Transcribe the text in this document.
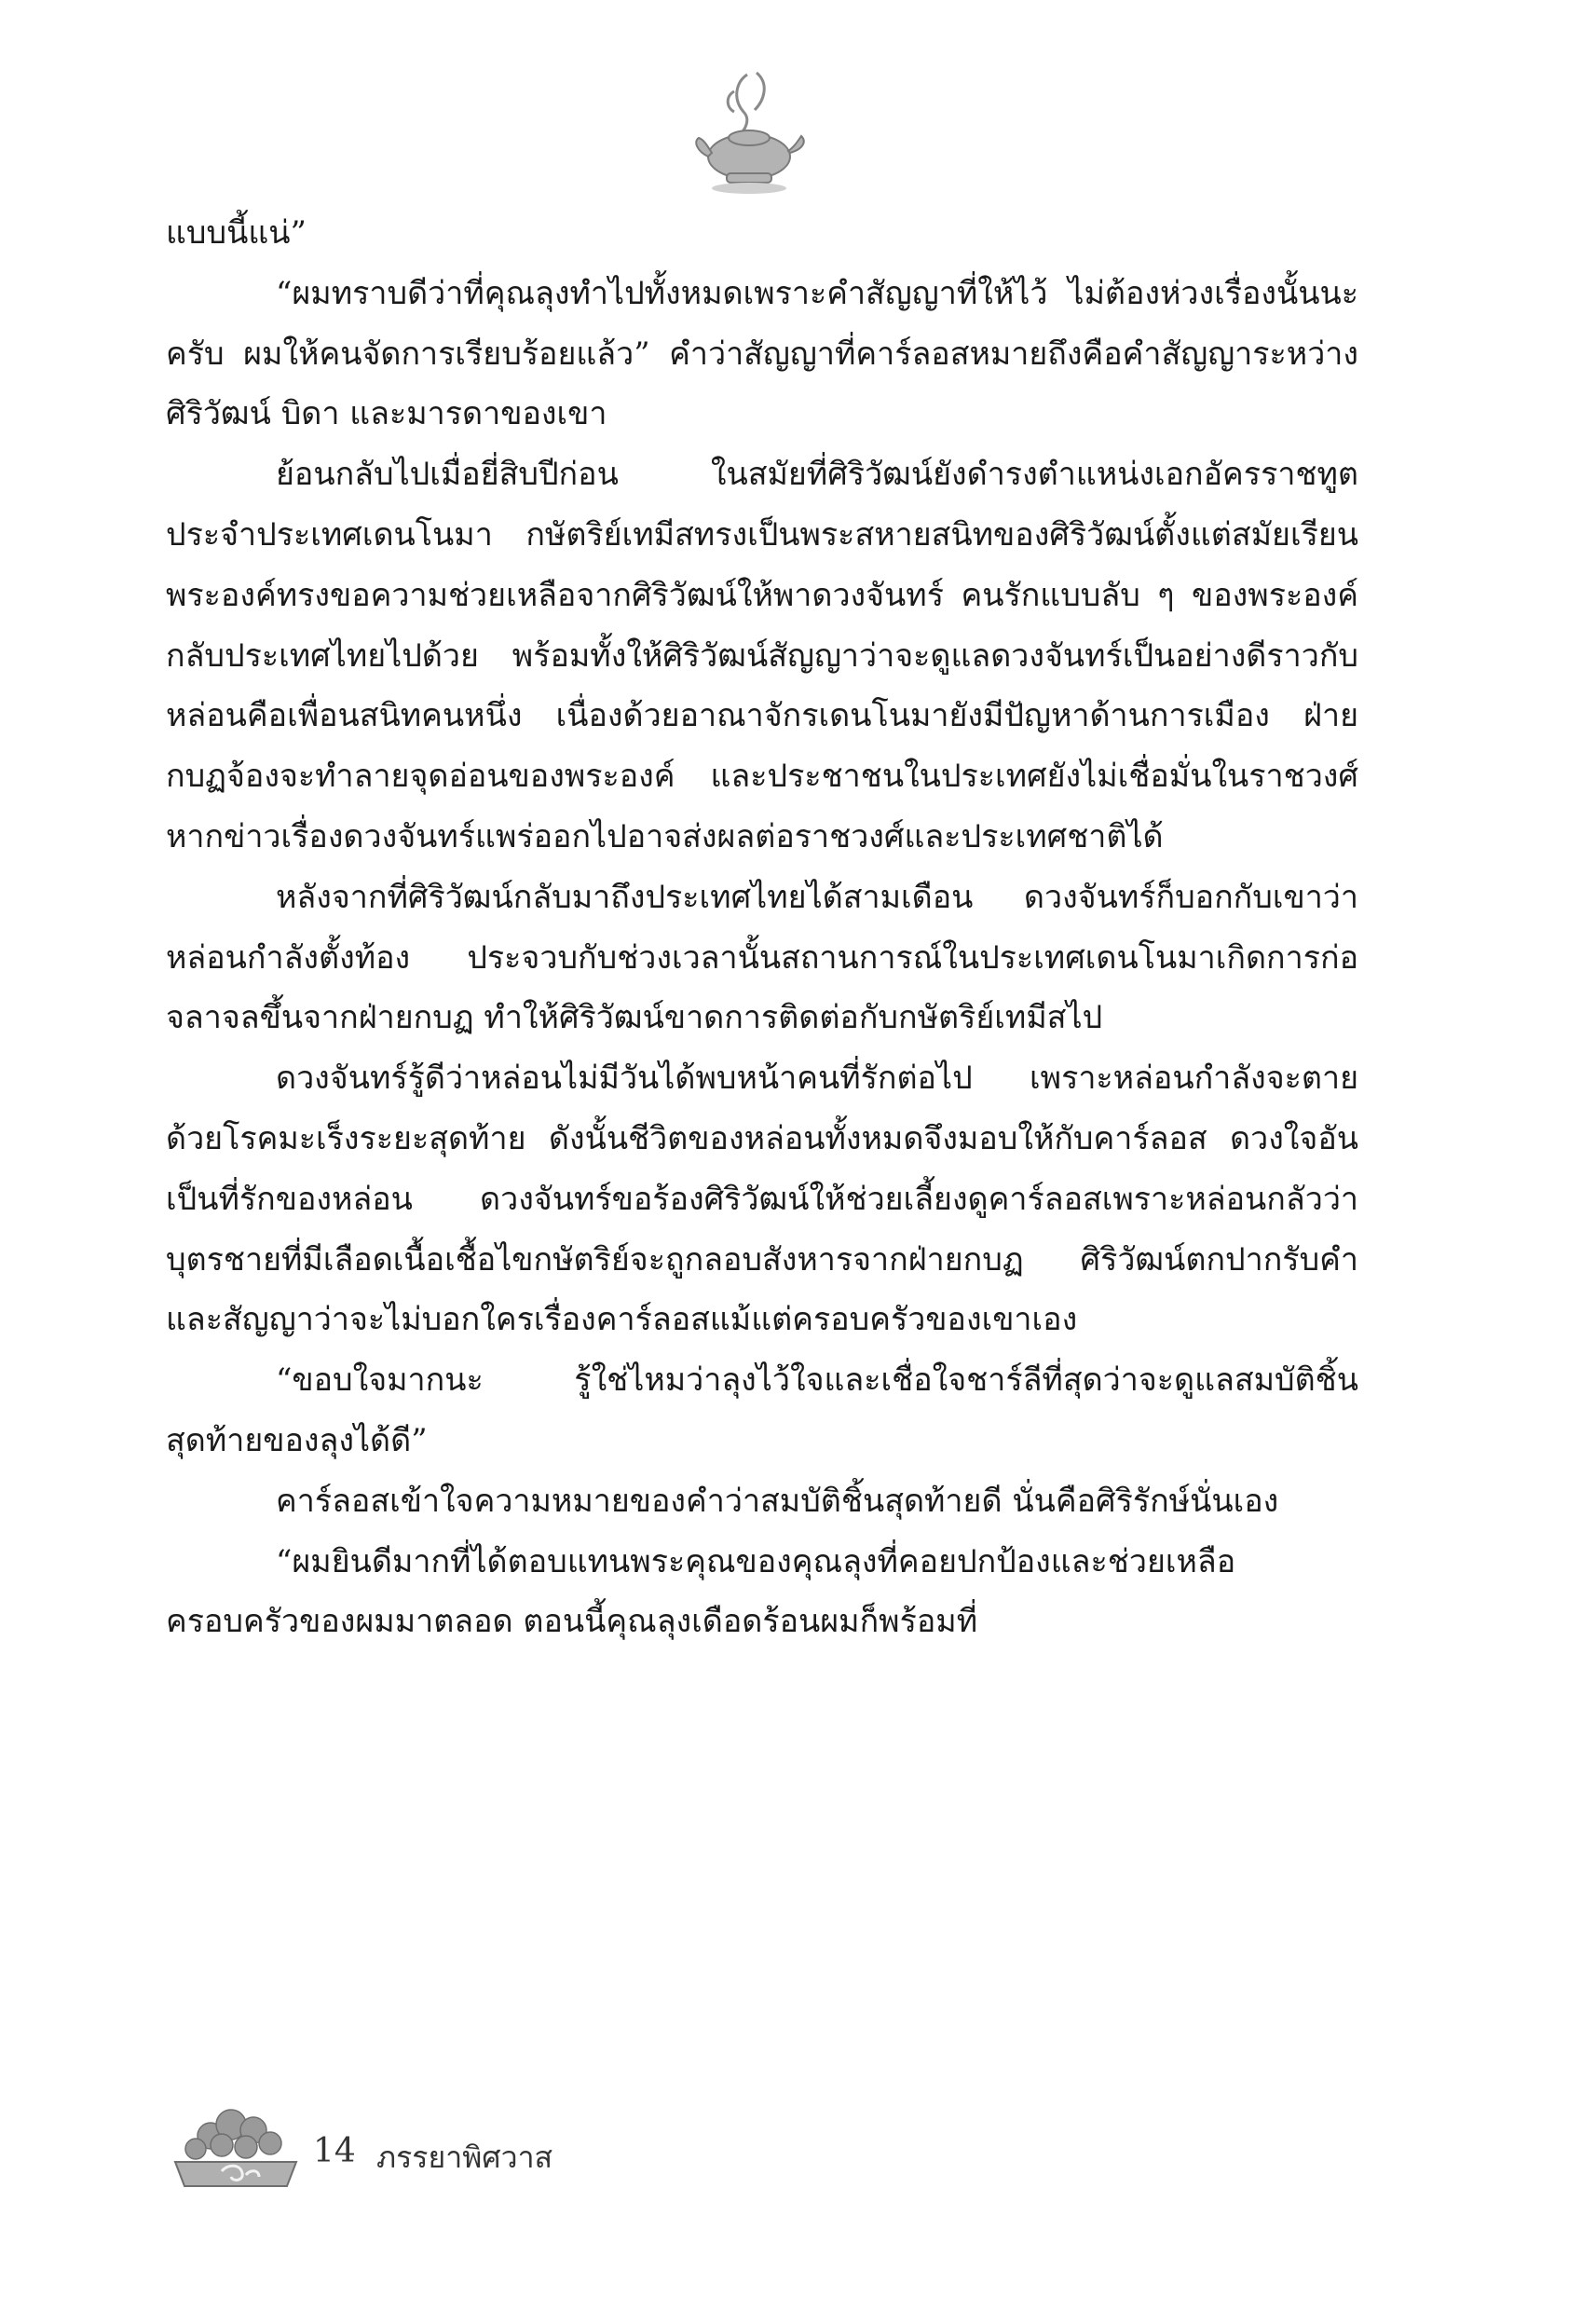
แบบนี้แน่”

“ผมทราบดีว่าที่คุณลุงทำไปทั้งหมดเพราะคำสัญญาที่ให้ไว้ ไม่ต้องห่วงเรื่องนั้นนะครับ ผมให้คนจัดการเรียบร้อยแล้ว” คำว่าสัญญาที่คาร์ลอสหมายถึงคือคำสัญญาระหว่างศิริวัฒน์ บิดา และมารดาของเขา

ย้อนกลับไปเมื่อยี่สิบปีก่อน ในสมัยที่ศิริวัฒน์ยังดำรงตำแหน่งเอกอัครราชทูตประจำประเทศเดนโนมา กษัตริย์เทมีสทรงเป็นพระสหายสนิทของศิริวัฒน์ตั้งแต่สมัยเรียน พระองค์ทรงขอความช่วยเหลือจากศิริวัฒน์ให้พาดวงจันทร์ คนรักแบบลับ ๆ ของพระองค์กลับประเทศไทยไปด้วย พร้อมทั้งให้ศิริวัฒน์สัญญาว่าจะดูแลดวงจันทร์เป็นอย่างดีราวกับหล่อนคือเพื่อนสนิทคนหนึ่ง เนื่องด้วยอาณาจักรเดนโนมายังมีปัญหาด้านการเมือง ฝ่ายกบฏจ้องจะทำลายจุดอ่อนของพระองค์ และประชาชนในประเทศยังไม่เชื่อมั่นในราชวงศ์ หากข่าวเรื่องดวงจันทร์แพร่ออกไปอาจส่งผลต่อราชวงศ์และประเทศชาติได้

หลังจากที่ศิริวัฒน์กลับมาถึงประเทศไทยได้สามเดือน ดวงจันทร์ก็บอกกับเขาว่าหล่อนกำลังตั้งท้อง ประจวบกับช่วงเวลานั้นสถานการณ์ในประเทศเดนโนมาเกิดการก่อจลาจลขึ้นจากฝ่ายกบฏ ทำให้ศิริวัฒน์ขาดการติดต่อกับกษัตริย์เทมีสไป

ดวงจันทร์รู้ดีว่าหล่อนไม่มีวันได้พบหน้าคนที่รักต่อไป เพราะหล่อนกำลังจะตายด้วยโรคมะเร็งระยะสุดท้าย ดังนั้นชีวิตของหล่อนทั้งหมดจึงมอบให้กับคาร์ลอส ดวงใจอันเป็นที่รักของหล่อน ดวงจันทร์ขอร้องศิริวัฒน์ให้ช่วยเลี้ยงดูคาร์ลอสเพราะหล่อนกลัวว่าบุตรชายที่มีเลือดเนื้อเชื้อไขกษัตริย์จะถูกลอบสังหารจากฝ่ายกบฏ ศิริวัฒน์ตกปากรับคำและสัญญาว่าจะไม่บอกใครเรื่องคาร์ลอสแม้แต่ครอบครัวของเขาเอง

“ขอบใจมากนะ รู้ใช่ไหมว่าลุงไว้ใจและเชื่อใจชาร์ลีที่สุดว่าจะดูแลสมบัติชิ้นสุดท้ายของลุงได้ดี”

คาร์ลอสเข้าใจความหมายของคำว่าสมบัติชิ้นสุดท้ายดี นั่นคือศิริรักษ์นั่นเอง

“ผมยินดีมากที่ได้ตอบแทนพระคุณของคุณลุงที่คอยปกป้องและช่วยเหลือครอบครัวของผมมาตลอด ตอนนี้คุณลุงเดือดร้อนผมก็พร้อมที่

14 ภรรยาพิศวาส
